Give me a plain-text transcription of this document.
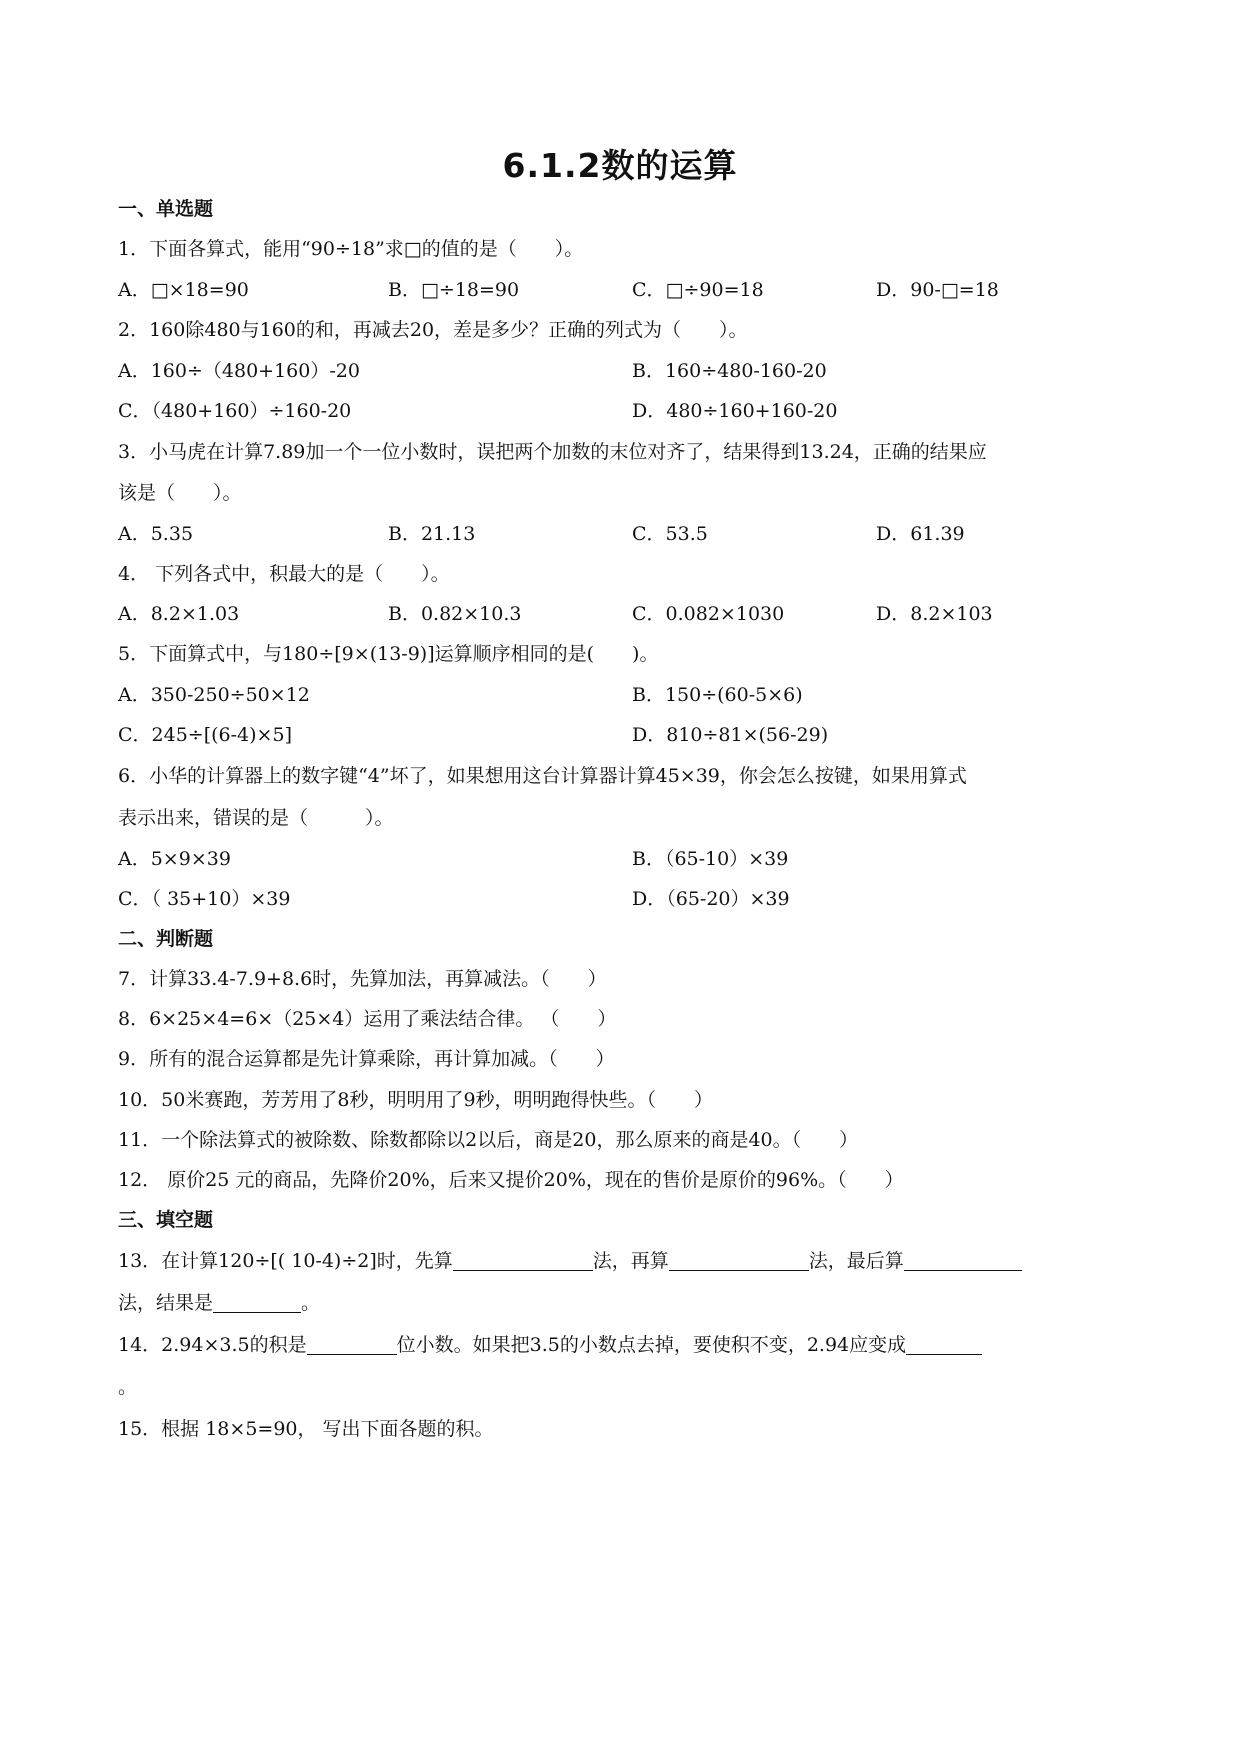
6.1.2数的运算
一、单选题
1．下面各算式，能用“90÷18”求□的值的是（　　）。
A．□×18=90	B．□÷18=90	C．□÷90=18	D．90-□=18
2．160除480与160的和，再减去20，差是多少？正确的列式为（　　）。
A．160÷（480+160）-20	B．160÷480-160-20
C．（480+160）÷160-20	D．480÷160+160-20
3．小马虎在计算7.89加一个一位小数时，误把两个加数的末位对齐了，结果得到13.24，正确的结果应
该是（　　）。
A．5.35	B．21.13	C．53.5	D．61.39
4． 下列各式中，积最大的是（　　）。
A．8.2×1.03	B．0.82×10.3	C．0.082×1030	D．8.2×103
5．下面算式中，与180÷[9×(13-9)]运算顺序相同的是(　　)。
A．350-250÷50×12	B．150÷(60-5×6)
C．245÷[(6-4)×5]	D．810÷81×(56-29)
6．小华的计算器上的数字键“4”坏了，如果想用这台计算器计算45×39，你会怎么按键，如果用算式
表示出来，错误的是（　　　）。
A．5×9×39	B．（65-10）×39
C．（ 35+10）×39	D．（65-20）×39
二、判断题
7．计算33.4-7.9+8.6时，先算加法，再算减法。（　　）
8．6×25×4=6×（25×4）运用了乘法结合律。 （　　）
9．所有的混合运算都是先计算乘除，再计算加减。（　　）
10．50米赛跑，芳芳用了8秒，明明用了9秒，明明跑得快些。（　　）
11．一个除法算式的被除数、除数都除以2以后，商是20，那么原来的商是40。（　　）
12． 原价25 元的商品，先降价20%，后来又提价20%，现在的售价是原价的96%。（　　）
三、填空题
13．在计算120÷[( 10-4)÷2]时，先算	法，再算	法，最后算
法，结果是	。
14．2.94×3.5的积是	位小数。如果把3.5的小数点去掉，要使积不变，2.94应变成
。
15．根据 18×5=90， 写出下面各题的积。
